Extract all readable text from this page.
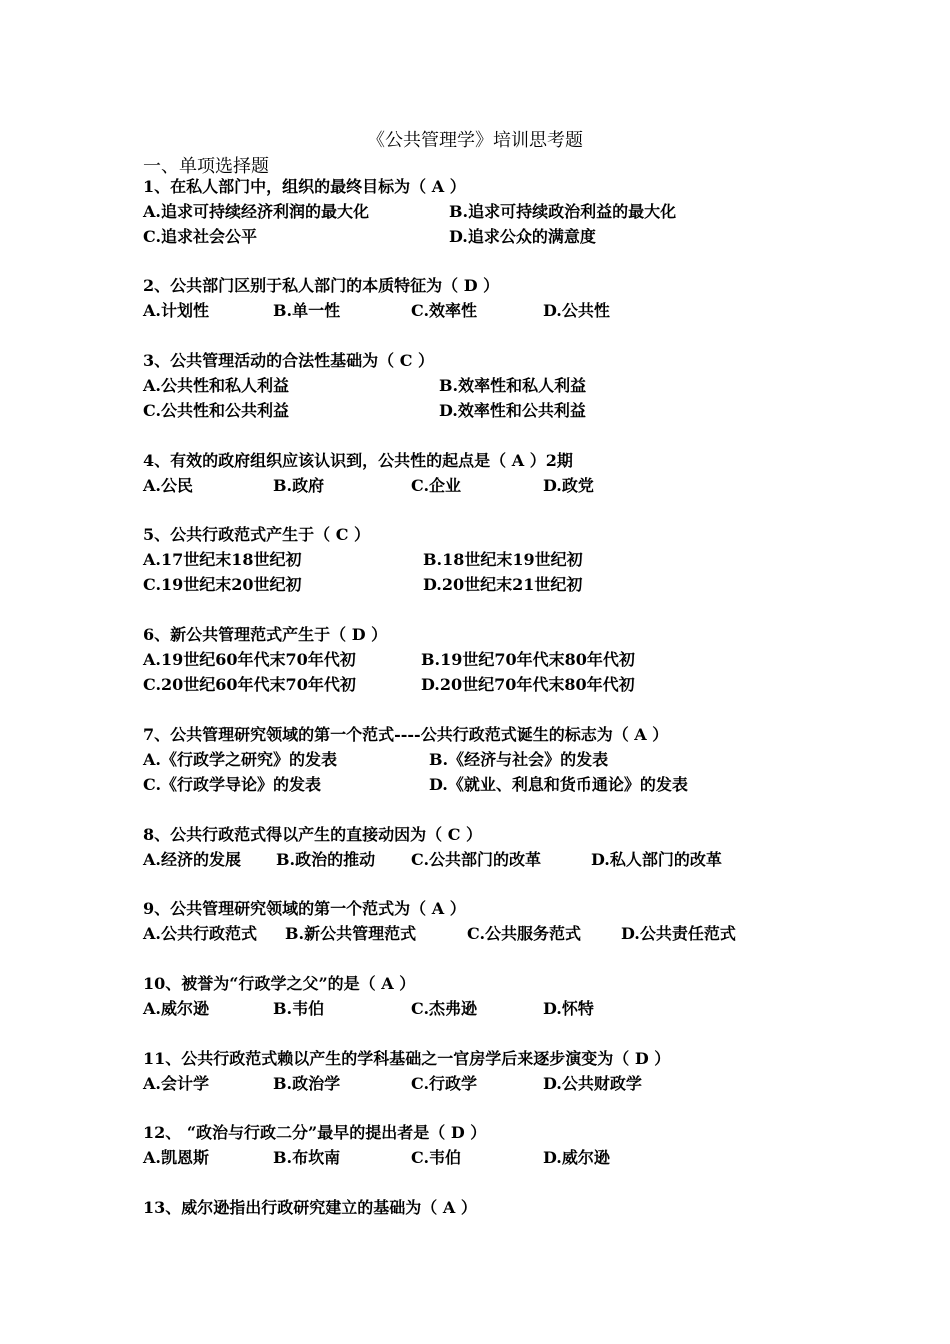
《公共管理学》培训思考题
一、单项选择题
1、在私人部门中，组织的最终目标为（ A ）
A.追求可持续经济利润的最大化	B.追求可持续政治利益的最大化
C.追求社会公平	D.追求公众的满意度
2、公共部门区别于私人部门的本质特征为（ D ）
A.计划性	B.单一性	C.效率性	D.公共性
3、公共管理活动的合法性基础为（ C ）
A.公共性和私人利益	B.效率性和私人利益
C.公共性和公共利益	D.效率性和公共利益
4、有效的政府组织应该认识到，公共性的起点是（ A ）2期
A.公民	B.政府	C.企业	D.政党
5、公共行政范式产生于（ C ）
A.17世纪末18世纪初	B.18世纪末19世纪初
C.19世纪末20世纪初	D.20世纪末21世纪初
6、新公共管理范式产生于（ D ）
A.19世纪60年代末70年代初	B.19世纪70年代末80年代初
C.20世纪60年代末70年代初	D.20世纪70年代末80年代初
7、公共管理研究领域的第一个范式----公共行政范式诞生的标志为（ A ）
A.《行政学之研究》的发表	B.《经济与社会》的发表
C.《行政学导论》的发表	D.《就业、利息和货币通论》的发表
8、公共行政范式得以产生的直接动因为（ C ）
A.经济的发展 B.政治的推动 C.公共部门的改革	D.私人部门的改革
9、公共管理研究领域的第一个范式为（ A ）
A.公共行政范式 B.新公共管理范式	C.公共服务范式 D.公共责任范式
10、被誉为“行政学之父”的是（ A ）
A.威尔逊	B.韦伯	C.杰弗逊	D.怀特
11、公共行政范式赖以产生的学科基础之一官房学后来逐步演变为（ D ）
A.会计学	B.政治学	C.行政学	D.公共财政学
12、 “政治与行政二分”最早的提出者是（ D ）
A.凯恩斯	B.布坎南	C.韦伯	D.威尔逊
13、威尔逊指出行政研究建立的基础为（ A ）
